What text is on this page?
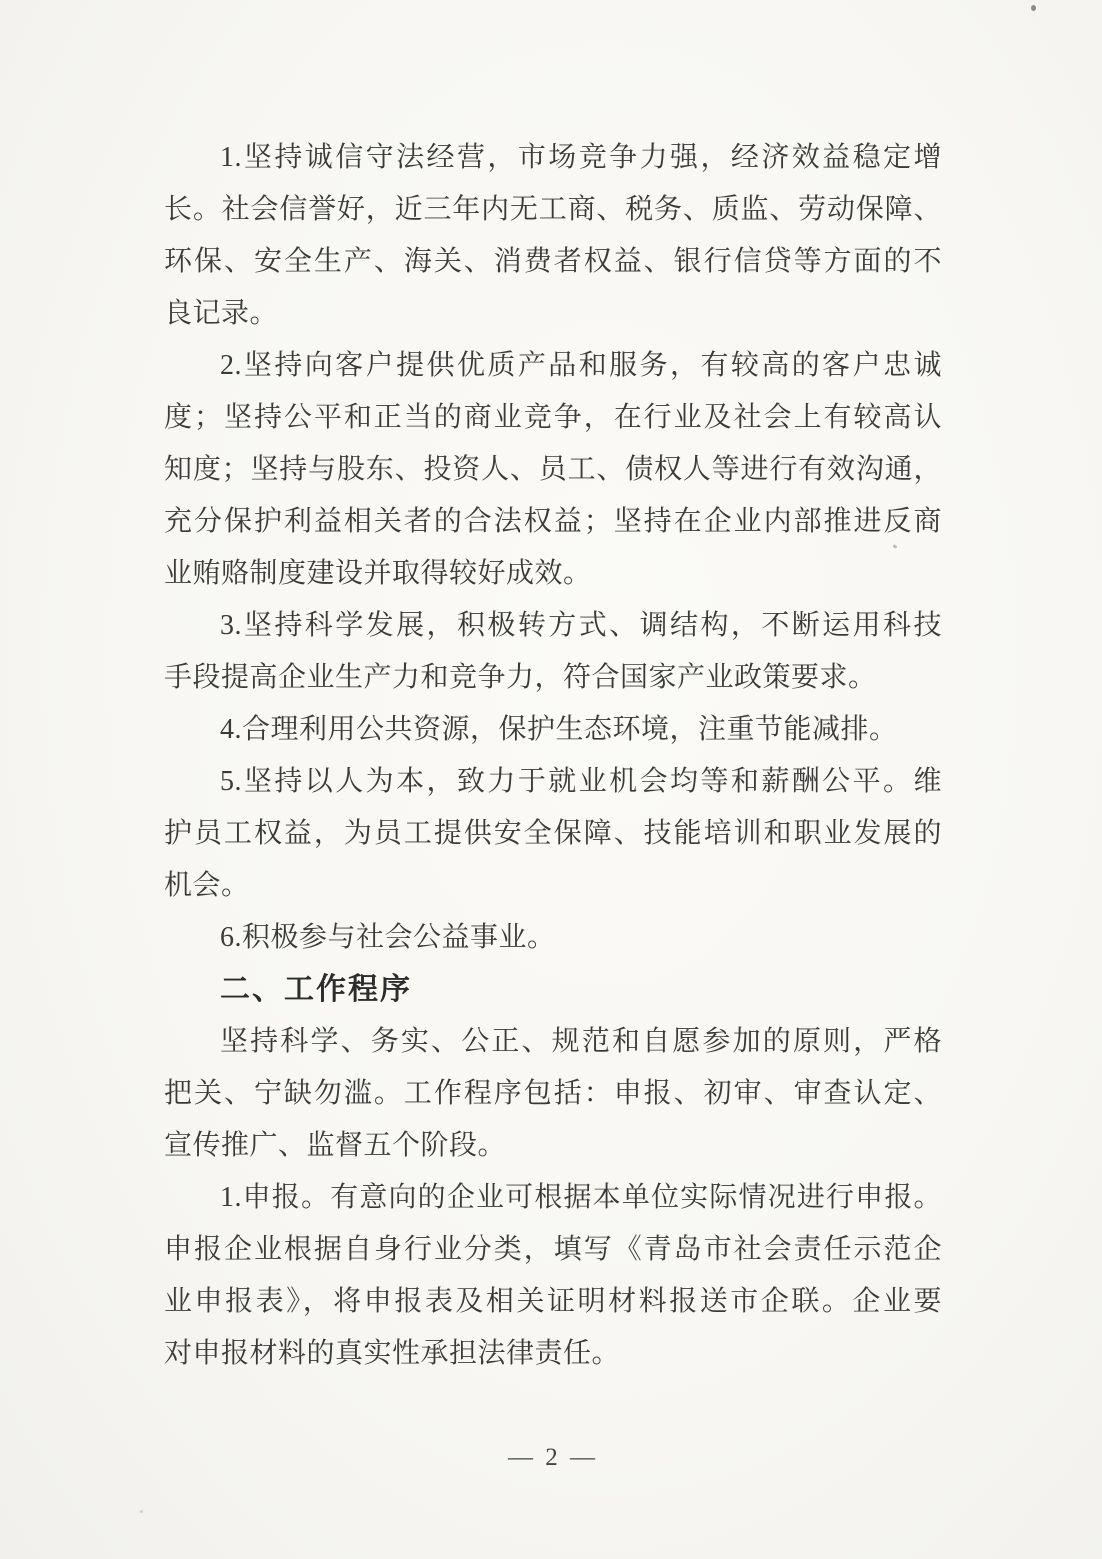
1.坚持诚信守法经营，市场竞争力强，经济效益稳定增
长。社会信誉好，近三年内无工商、税务、质监、劳动保障、
环保、安全生产、海关、消费者权益、银行信贷等方面的不
良记录。
2.坚持向客户提供优质产品和服务，有较高的客户忠诚
度；坚持公平和正当的商业竞争，在行业及社会上有较高认
知度；坚持与股东、投资人、员工、债权人等进行有效沟通，
充分保护利益相关者的合法权益；坚持在企业内部推进反商
业贿赂制度建设并取得较好成效。
3.坚持科学发展，积极转方式、调结构，不断运用科技
手段提高企业生产力和竞争力，符合国家产业政策要求。
4.合理利用公共资源，保护生态环境，注重节能减排。
5.坚持以人为本，致力于就业机会均等和薪酬公平。维
护员工权益，为员工提供安全保障、技能培训和职业发展的
机会。
6.积极参与社会公益事业。
二、工作程序
坚持科学、务实、公正、规范和自愿参加的原则，严格
把关、宁缺勿滥。工作程序包括：申报、初审、审查认定、
宣传推广、监督五个阶段。
1.申报。有意向的企业可根据本单位实际情况进行申报。
申报企业根据自身行业分类，填写《青岛市社会责任示范企
业申报表》，将申报表及相关证明材料报送市企联。企业要
对申报材料的真实性承担法律责任。
— 2 —
